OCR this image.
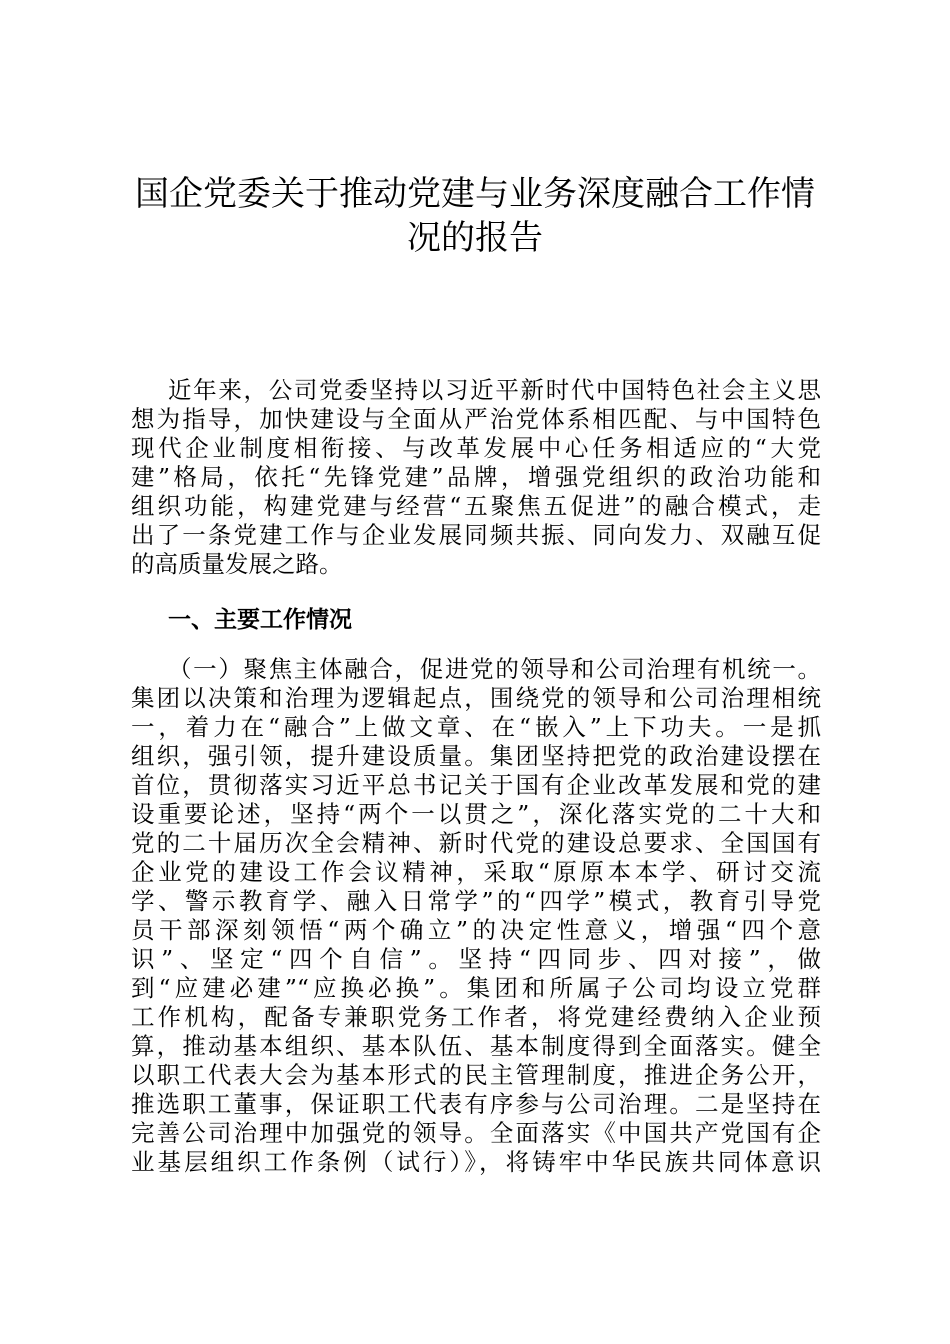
国企党委关于推动党建与业务深度融合工作情
况的报告
近年来，公司党委坚持以习近平新时代中国特色社会主义思
想为指导，加快建设与全面从严治党体系相匹配、与中国特色
现代企业制度相衔接、与改革发展中心任务相适应的“大党
建”格局，依托“先锋党建”品牌，增强党组织的政治功能和
组织功能，构建党建与经营“五聚焦五促进”的融合模式，走
出了一条党建工作与企业发展同频共振、同向发力、双融互促
的高质量发展之路。
一、主要工作情况
（一）聚焦主体融合，促进党的领导和公司治理有机统一。
集团以决策和治理为逻辑起点，围绕党的领导和公司治理相统
一，着力在“融合”上做文章、在“嵌入”上下功夫。一是抓
组织，强引领，提升建设质量。集团坚持把党的政治建设摆在
首位，贯彻落实习近平总书记关于国有企业改革发展和党的建
设重要论述，坚持“两个一以贯之”，深化落实党的二十大和
党的二十届历次全会精神、新时代党的建设总要求、全国国有
企业党的建设工作会议精神，采取“原原本本学、研讨交流
学、警示教育学、融入日常学”的“四学”模式，教育引导党
员干部深刻领悟“两个确立”的决定性意义，增强“四个意
识”、坚定“四个自信”。坚持“四同步、四对接”，做
到“应建必建”“应换必换”。集团和所属子公司均设立党群
工作机构，配备专兼职党务工作者，将党建经费纳入企业预
算，推动基本组织、基本队伍、基本制度得到全面落实。健全
以职工代表大会为基本形式的民主管理制度，推进企务公开，
推选职工董事，保证职工代表有序参与公司治理。二是坚持在
完善公司治理中加强党的领导。全面落实《中国共产党国有企
业基层组织工作条例（试行）》，将铸牢中华民族共同体意识
